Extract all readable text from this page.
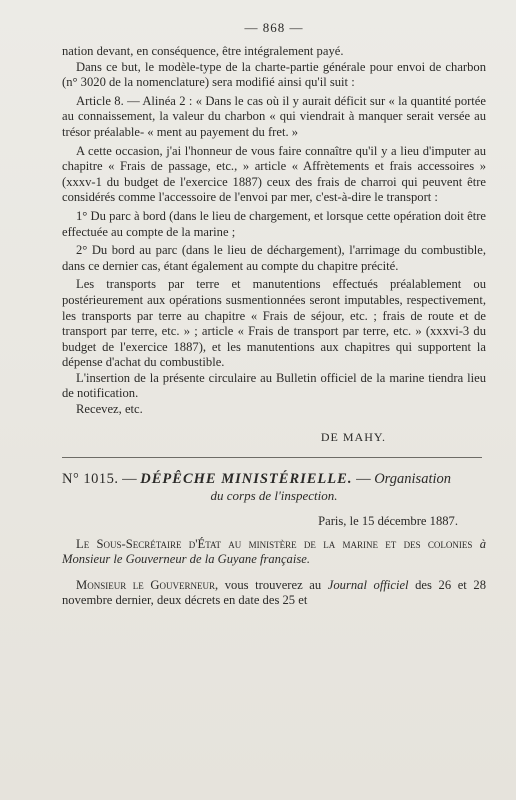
— 868 —

nation devant, en conséquence, être intégralement payé.

Dans ce but, le modèle-type de la charte-partie générale pour envoi de charbon (n° 3020 de la nomenclature) sera modifié ainsi qu'il suit :

Article 8. — Alinéa 2 : « Dans le cas où il y aurait déficit sur « la quantité portée au connaissement, la valeur du charbon « qui viendrait à manquer serait versée au trésor préalable- « ment au payement du fret. »

A cette occasion, j'ai l'honneur de vous faire connaître qu'il y a lieu d'imputer au chapitre « Frais de passage, etc., » article « Affrètements et frais accessoires » (xxxv-1 du budget de l'exercice 1887) ceux des frais de charroi qui peuvent être considérés comme l'accessoire de l'envoi par mer, c'est-à-dire le transport :

1° Du parc à bord (dans le lieu de chargement, et lorsque cette opération doit être effectuée au compte de la marine ;

2° Du bord au parc (dans le lieu de déchargement), l'arrimage du combustible, dans ce dernier cas, étant également au compte du chapitre précité.

Les transports par terre et manutentions effectués préalablement ou postérieurement aux opérations susmentionnées seront imputables, respectivement, les transports par terre au chapitre « Frais de séjour, etc. ; frais de route et de transport par terre, etc. » ; article « Frais de transport par terre, etc. » (xxxvi-3 du budget de l'exercice 1887), et les manutentions aux chapitres qui supportent la dépense d'achat du combustible.

L'insertion de la présente circulaire au Bulletin officiel de la marine tiendra lieu de notification.

Recevez, etc.

DE MAHY.
N° 1015. — DÉPÊCHE MINISTÉRIELLE. — Organisation
du corps de l'inspection.
Paris, le 15 décembre 1887.

Le Sous-Secrétaire d'État au ministère de la marine et des colonies à Monsieur le Gouverneur de la Guyane française.

Monsieur le Gouverneur, vous trouverez au Journal officiel des 26 et 28 novembre dernier, deux décrets en date des 25 et
